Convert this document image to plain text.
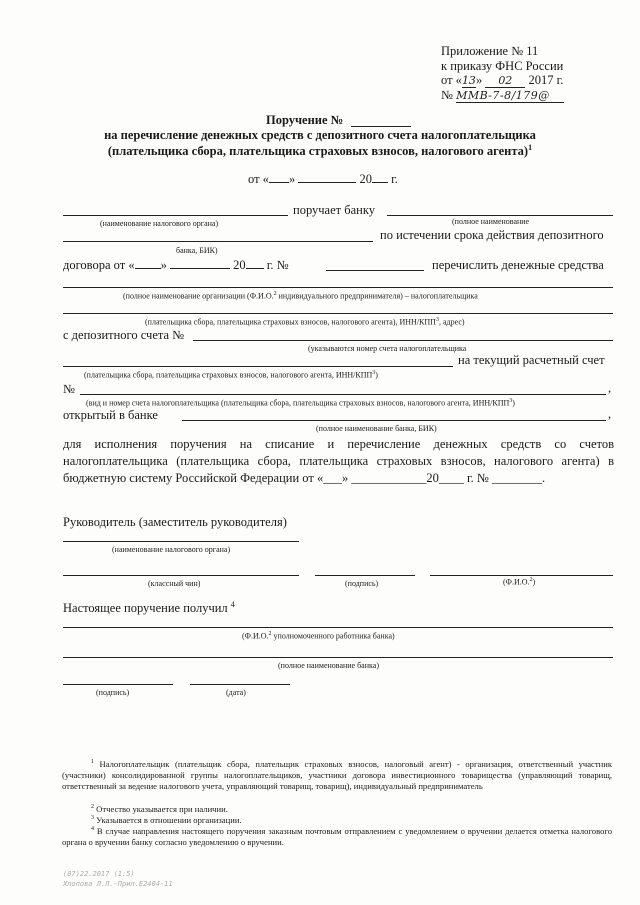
Приложение № 11
к приказу ФНС России
от «13» 02 2017 г.
№ ММВ-7-8/179@
Поручение №
на перечисление денежных средств с депозитного счета налогоплательщика
(плательщика сбора, плательщика страховых взносов, налогового агента)$^1$
от « »	20 г.
поручает банку
(наименование налогового органа)	(полное наименование
по истечении срока действия депозитного
банка, БИК)
договора от « »	20 г. №	перечислить денежные средства
(полное наименование организации (Ф.И.О.$^2$ индивидуального предпринимателя) – налогоплательщика
(плательщика сбора, плательщика страховых взносов, налогового агента), ИНН/КПП$^3$, адрес)
с депозитного счета №
(указываются номер счета налогоплательщика
на текущий расчетный счет
(плательщика сбора, плательщика страховых взносов, налогового агента, ИНН/КПП$^3$)
№	,
(вид и номер счета налогоплательщика (плательщика сбора, плательщика страховых взносов, налогового агента, ИНН/КПП$^3$)
открытый в банке	,
(полное наименование банка, БИК)
для исполнения поручения на списание и перечисление денежных средств со счетов налогоплательщика (плательщика сбора, плательщика страховых взносов, налогового агента) в бюджетную систему Российской Федерации от «___» ____________20____ г. № ________.
Руководитель (заместитель руководителя)
(наименование налогового органа)
(классный чин)	(подпись)	(Ф.И.О.$^2$)
Настоящее поручение получил $^4$
(Ф.И.О.$^2$ уполномоченного работника банка)
(полное наименование банка)
(подпись)	(дата)
$^1$ Налогоплательщик (плательщик сбора, плательщик страховых взносов, налоговый агент) - организация, ответственный участник (участники) консолидированной группы налогоплательщиков, участники договора инвестиционного товарищества (управляющий товарищ, ответственный за ведение налогового учета, управляющий товарищ, товарищ), индивидуальный предприниматель
$^2$ Отчество указывается при наличии.
$^3$ Указывается в отношении организации.
$^4$ В случае направления настоящего поручения заказным почтовым отправлением с уведомлением о вручении делается отметка налогового органа о вручении банку согласно уведомлению о вручении.
(07)22.2017 (1:5)
Хлопова Л.Л.-Прил.Е2404-11
